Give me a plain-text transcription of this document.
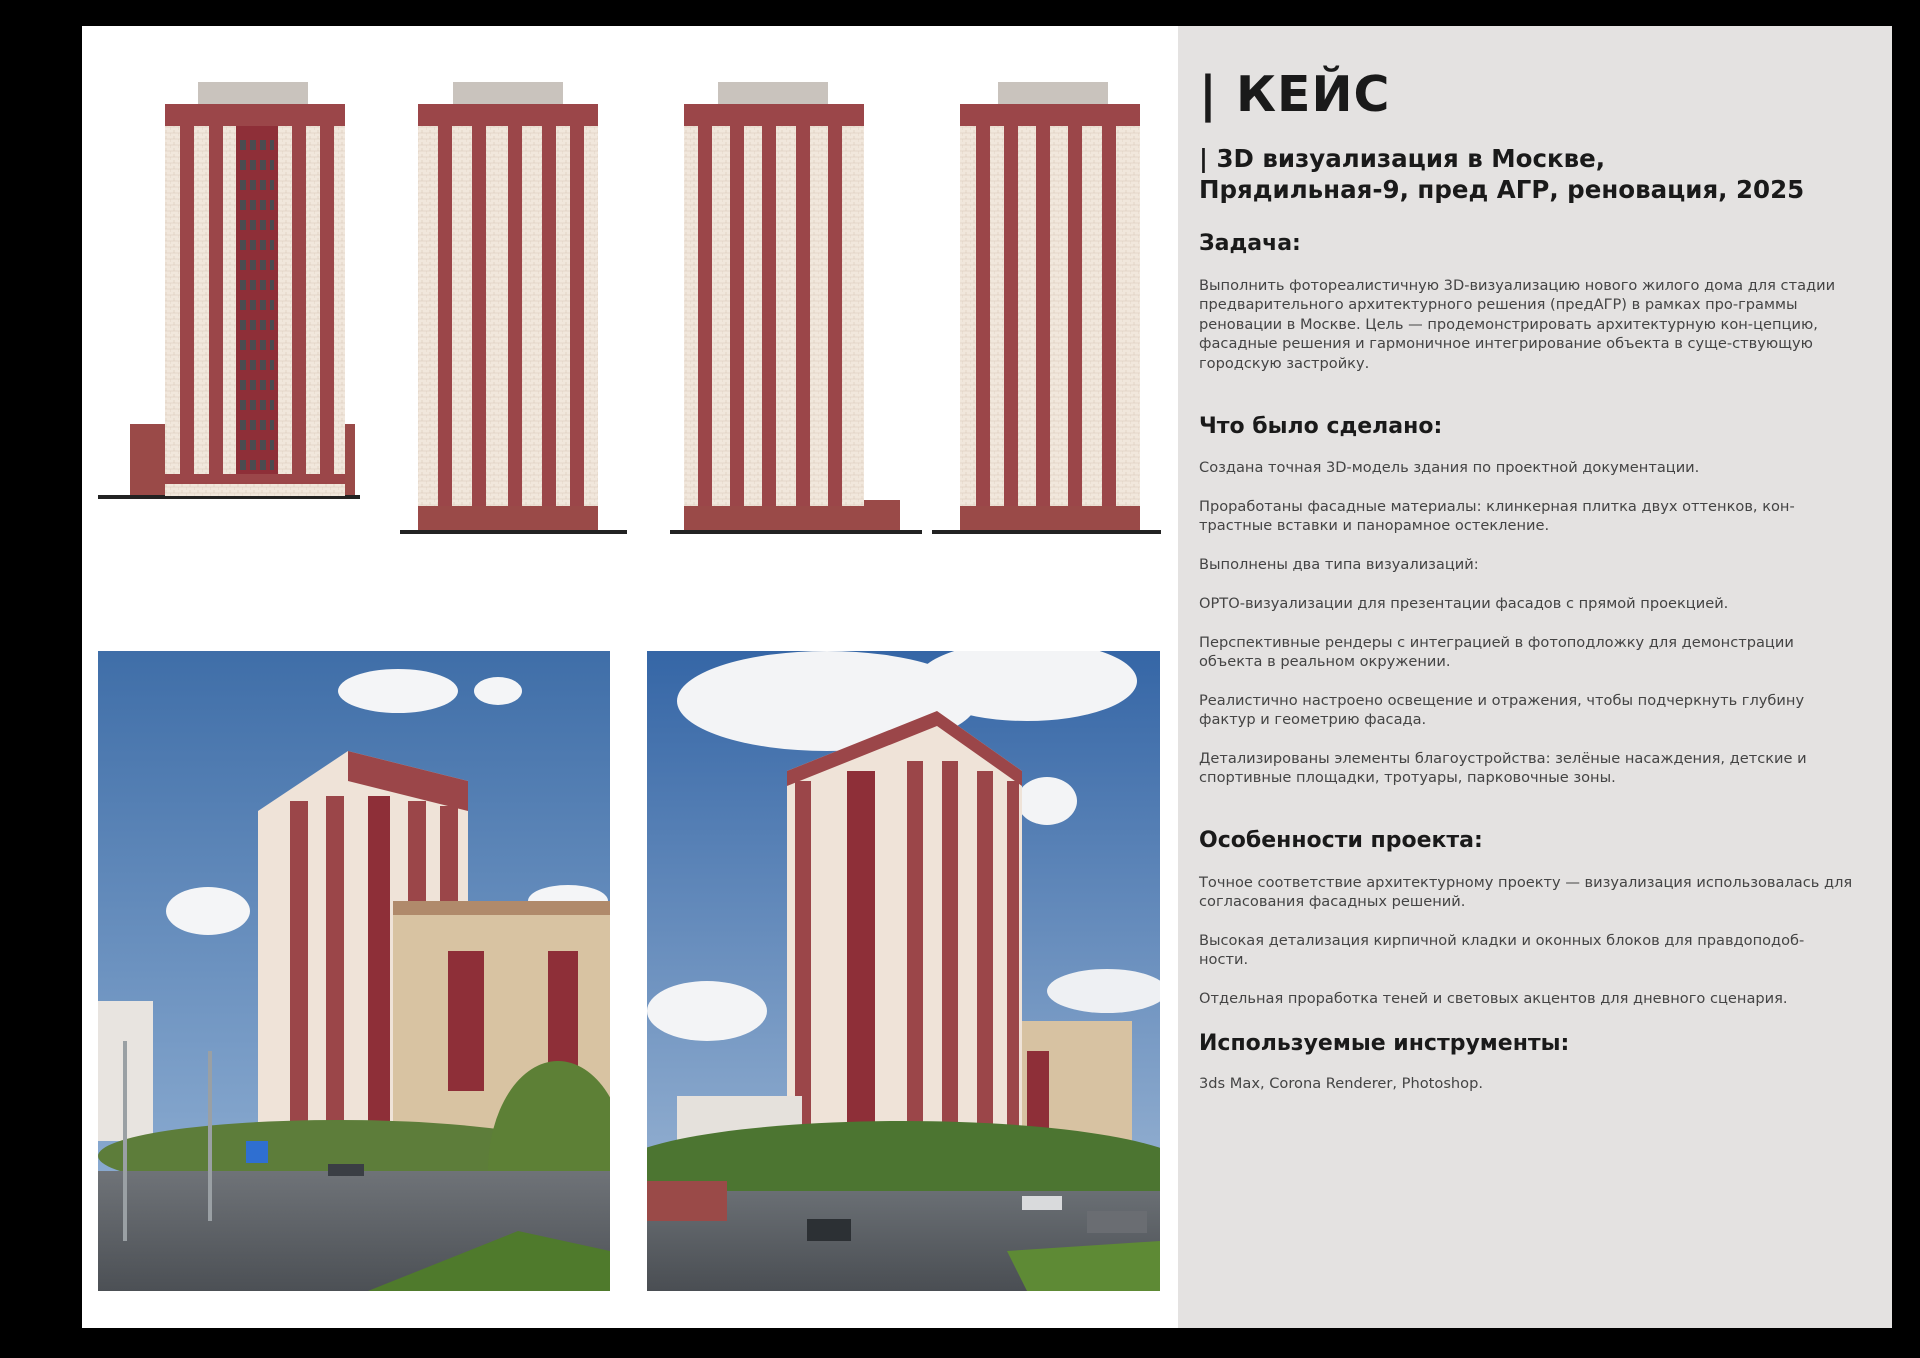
| КЕЙС
| 3D визуализация в Москве, Прядильная-9, пред АГР, реновация, 2025
Задача:
Выполнить фотореалистичную 3D-визуализацию нового жилого дома для стадии предварительного архитектурного решения (предАГР) в рамках про-граммы реновации в Москве. Цель — продемонстрировать архитектурную кон-цепцию, фасадные решения и гармоничное интегрирование объекта в суще-ствующую городскую застройку.
Что было сделано:
Создана точная 3D-модель здания по проектной документации.
Проработаны фасадные материалы: клинкерная плитка двух оттенков, кон-трастные вставки и панорамное остекление.
Выполнены два типа визуализаций:
ОРТО-визуализации для презентации фасадов с прямой проекцией.
Перспективные рендеры с интеграцией в фотоподложку для демонстрации объекта в реальном окружении.
Реалистично настроено освещение и отражения, чтобы подчеркнуть глубину фактур и геометрию фасада.
Детализированы элементы благоустройства: зелёные насаждения, детские и спортивные площадки, тротуары, парковочные зоны.
Особенности проекта:
Точное соответствие архитектурному проекту — визуализация использовалась для согласования фасадных решений.
Высокая детализация кирпичной кладки и оконных блоков для правдоподоб-ности.
Отдельная проработка теней и световых акцентов для дневного сценария.
Используемые инструменты:
3ds Max, Corona Renderer, Photoshop.
